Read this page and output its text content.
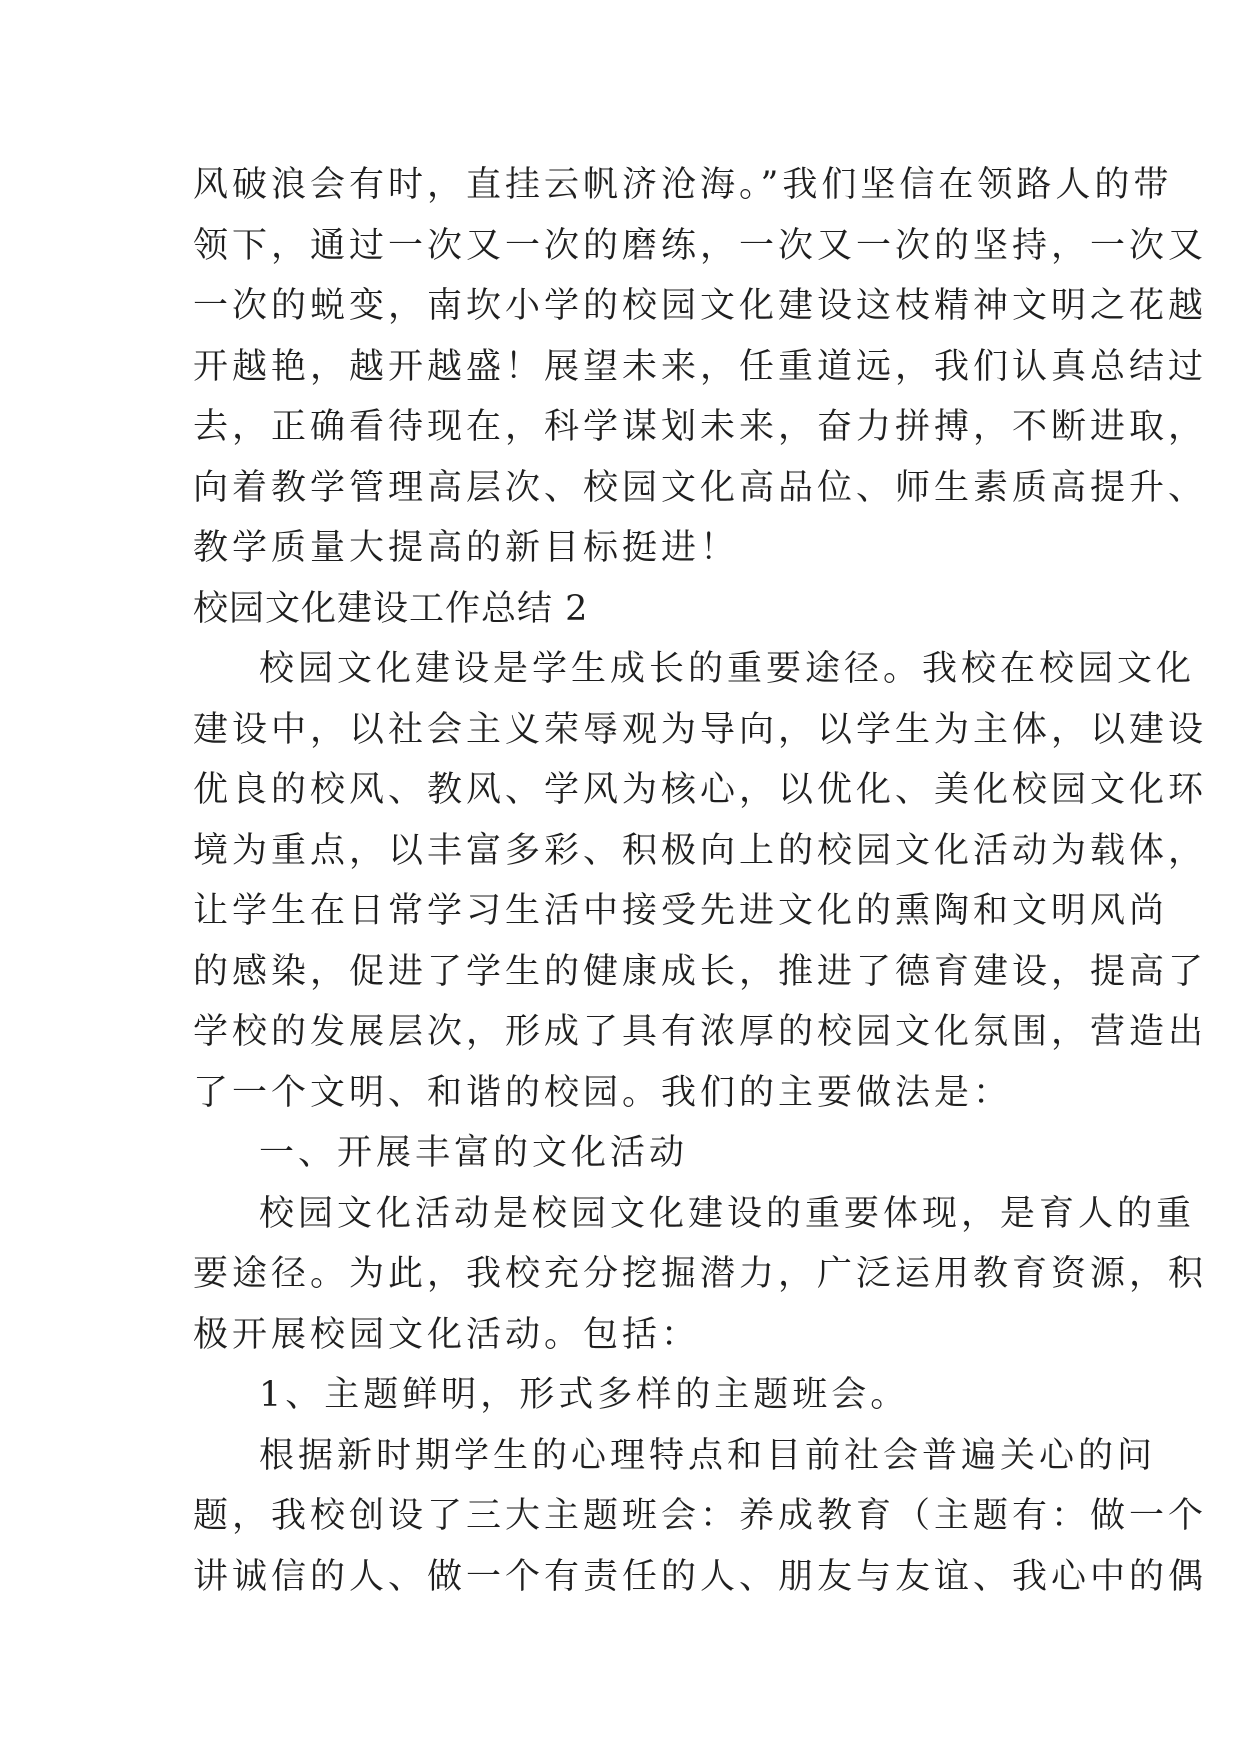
风破浪会有时，直挂云帆济沧海。”我们坚信在领路人的带
领下，通过一次又一次的磨练，一次又一次的坚持，一次又
一次的蜕变，南坎小学的校园文化建设这枝精神文明之花越
开越艳，越开越盛！展望未来，任重道远，我们认真总结过
去，正确看待现在，科学谋划未来，奋力拼搏，不断进取，
向着教学管理高层次、校园文化高品位、师生素质高提升、
教学质量大提高的新目标挺进！
校园文化建设工作总结 2
校园文化建设是学生成长的重要途径。我校在校园文化
建设中，以社会主义荣辱观为导向，以学生为主体，以建设
优良的校风、教风、学风为核心，以优化、美化校园文化环
境为重点，以丰富多彩、积极向上的校园文化活动为载体，
让学生在日常学习生活中接受先进文化的熏陶和文明风尚
的感染，促进了学生的健康成长，推进了德育建设，提高了
学校的发展层次，形成了具有浓厚的校园文化氛围，营造出
了一个文明、和谐的校园。我们的主要做法是：
一、开展丰富的文化活动
校园文化活动是校园文化建设的重要体现，是育人的重
要途径。为此，我校充分挖掘潜力，广泛运用教育资源，积
极开展校园文化活动。包括：
1、主题鲜明，形式多样的主题班会。
根据新时期学生的心理特点和目前社会普遍关心的问
题，我校创设了三大主题班会：养成教育（主题有：做一个
讲诚信的人、做一个有责任的人、朋友与友谊、我心中的偶
